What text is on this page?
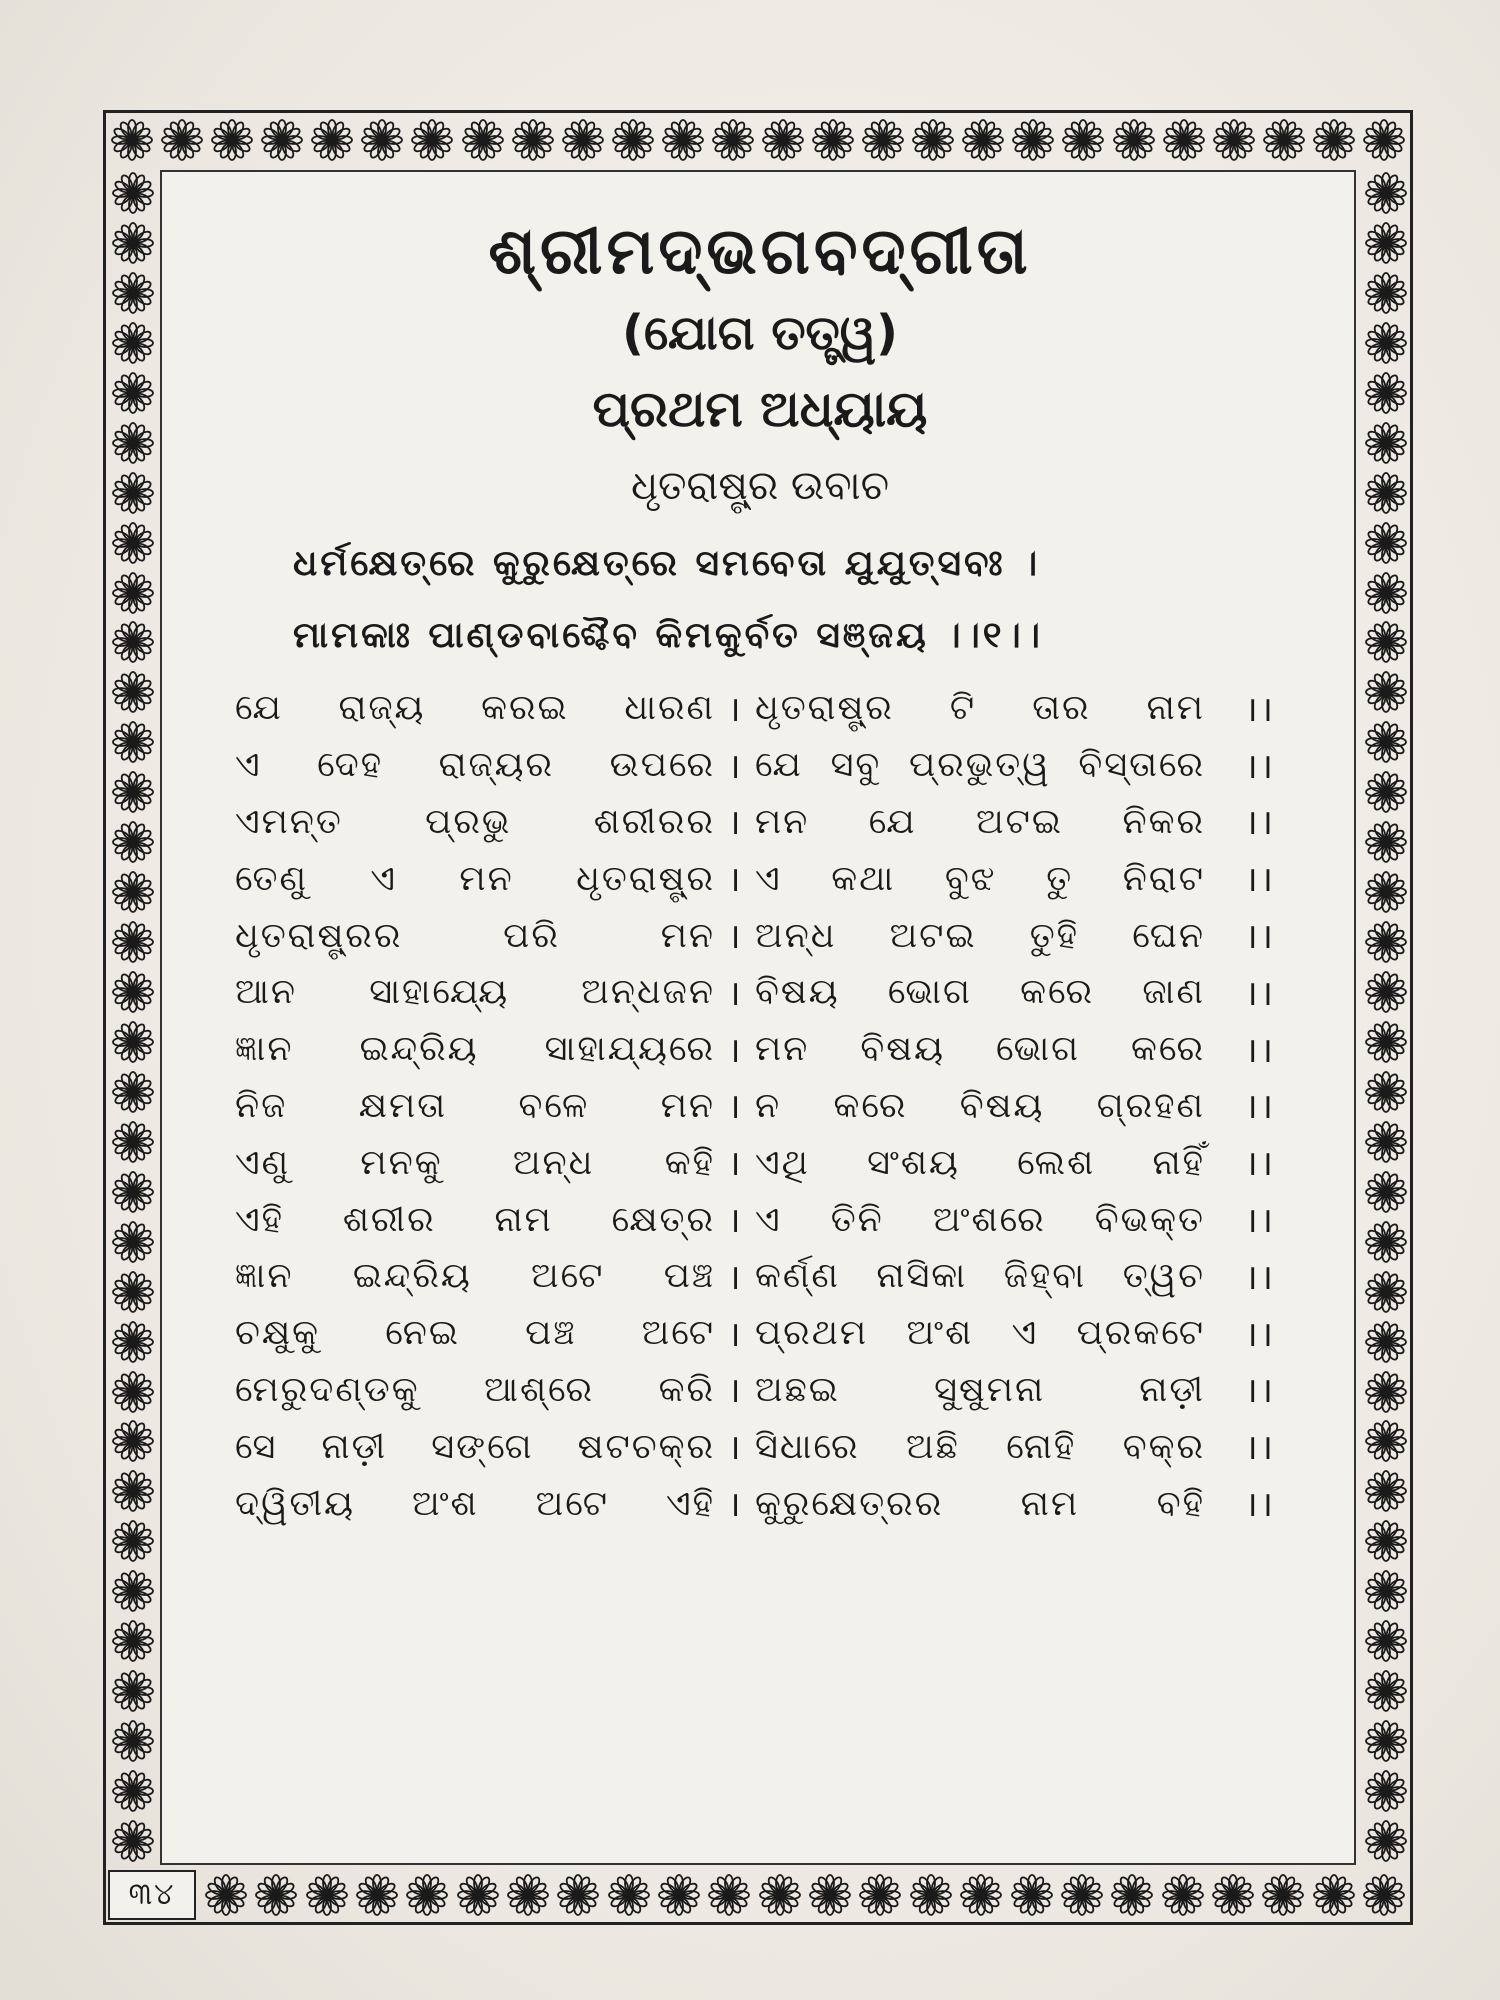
୩୪
ଶ୍ରୀମଦ୍‌ଭଗବଦ୍‌ଗୀତା
(ଯୋଗ ତତ୍ତ୍ୱ)
ପ୍ରଥମ ଅଧ୍ୟାୟ
ଧୃତରାଷ୍ଟ୍ର ଉବାଚ
ଧର୍ମକ୍ଷେତ୍ରେ କୁରୁକ୍ଷେତ୍ରେ ସମବେତା ଯୁଯୁତ୍ସବଃ ।
ମାମକାଃ ପାଣ୍ଡବାଶ୍ଚୈବ କିମକୁର୍ବତ ସଞ୍ଜୟ ।।୧।।
ଯେ ରାଜ୍ୟ କରଇ ଧାରଣ । ଧୃତରାଷ୍ଟ୍ର ଟି ତାର ନାମ	।।
ଏ ଦେହ ରାଜ୍ୟର ଉପରେ । ଯେ ସବୁ ପ୍ରଭୁତ୍ୱ ବିସ୍ତାରେ	।।
ଏମନ୍ତ ପ୍ରଭୁ ଶରୀରର । ମନ ଯେ ଅଟଇ ନିକର	।।
ତେଣୁ ଏ ମନ ଧୃତରାଷ୍ଟ୍ର । ଏ କଥା ବୁଝ ତୁ ନିରାଟ	।।
ଧୃତରାଷ୍ଟ୍ରର ପରି ମନ । ଅନ୍ଧ ଅଟଇ ତୁହି ଘେନ	।।
ଆନ ସାହାଯ୍ୟେ ଅନ୍ଧଜନ । ବିଷୟ ଭୋଗ କରେ ଜାଣ	।।
ଜ୍ଞାନ ଇନ୍ଦ୍ରିୟ ସାହାଯ୍ୟରେ । ମନ ବିଷୟ ଭୋଗ କରେ	।।
ନିଜ କ୍ଷମତା ବଳେ ମନ । ନ କରେ ବିଷୟ ଗ୍ରହଣ	।।
ଏଣୁ ମନକୁ ଅନ୍ଧ କହି । ଏଥି ସଂଶୟ ଲେଶ ନାହିଁ	।।
ଏହି ଶରୀର ନାମ କ୍ଷେତ୍ର । ଏ ତିନି ଅଂଶରେ ବିଭକ୍ତ	।।
ଜ୍ଞାନ ଇନ୍ଦ୍ରିୟ ଅଟେ ପଞ୍ଚ । କର୍ଣ୍ଣ ନାସିକା ଜିହ୍ବା ତ୍ୱଚ	।।
ଚକ୍ଷୁକୁ ନେଇ ପଞ୍ଚ ଅଟେ । ପ୍ରଥମ ଅଂଶ ଏ ପ୍ରକଟେ	।।
ମେରୁଦଣ୍ଡକୁ ଆଶ୍ରେ କରି । ଅଛଇ ସୁଷୁମନା ନାଡ଼ୀ	।।
ସେ ନାଡ଼ୀ ସଙ୍ଗେ ଷଟଚକ୍ର । ସିଧାରେ ଅଛି ନୋହି ବକ୍ର	।।
ଦ୍ୱିତୀୟ ଅଂଶ ଅଟେ ଏହି । କୁରୁକ୍ଷେତ୍ରର ନାମ ବହି	।।
